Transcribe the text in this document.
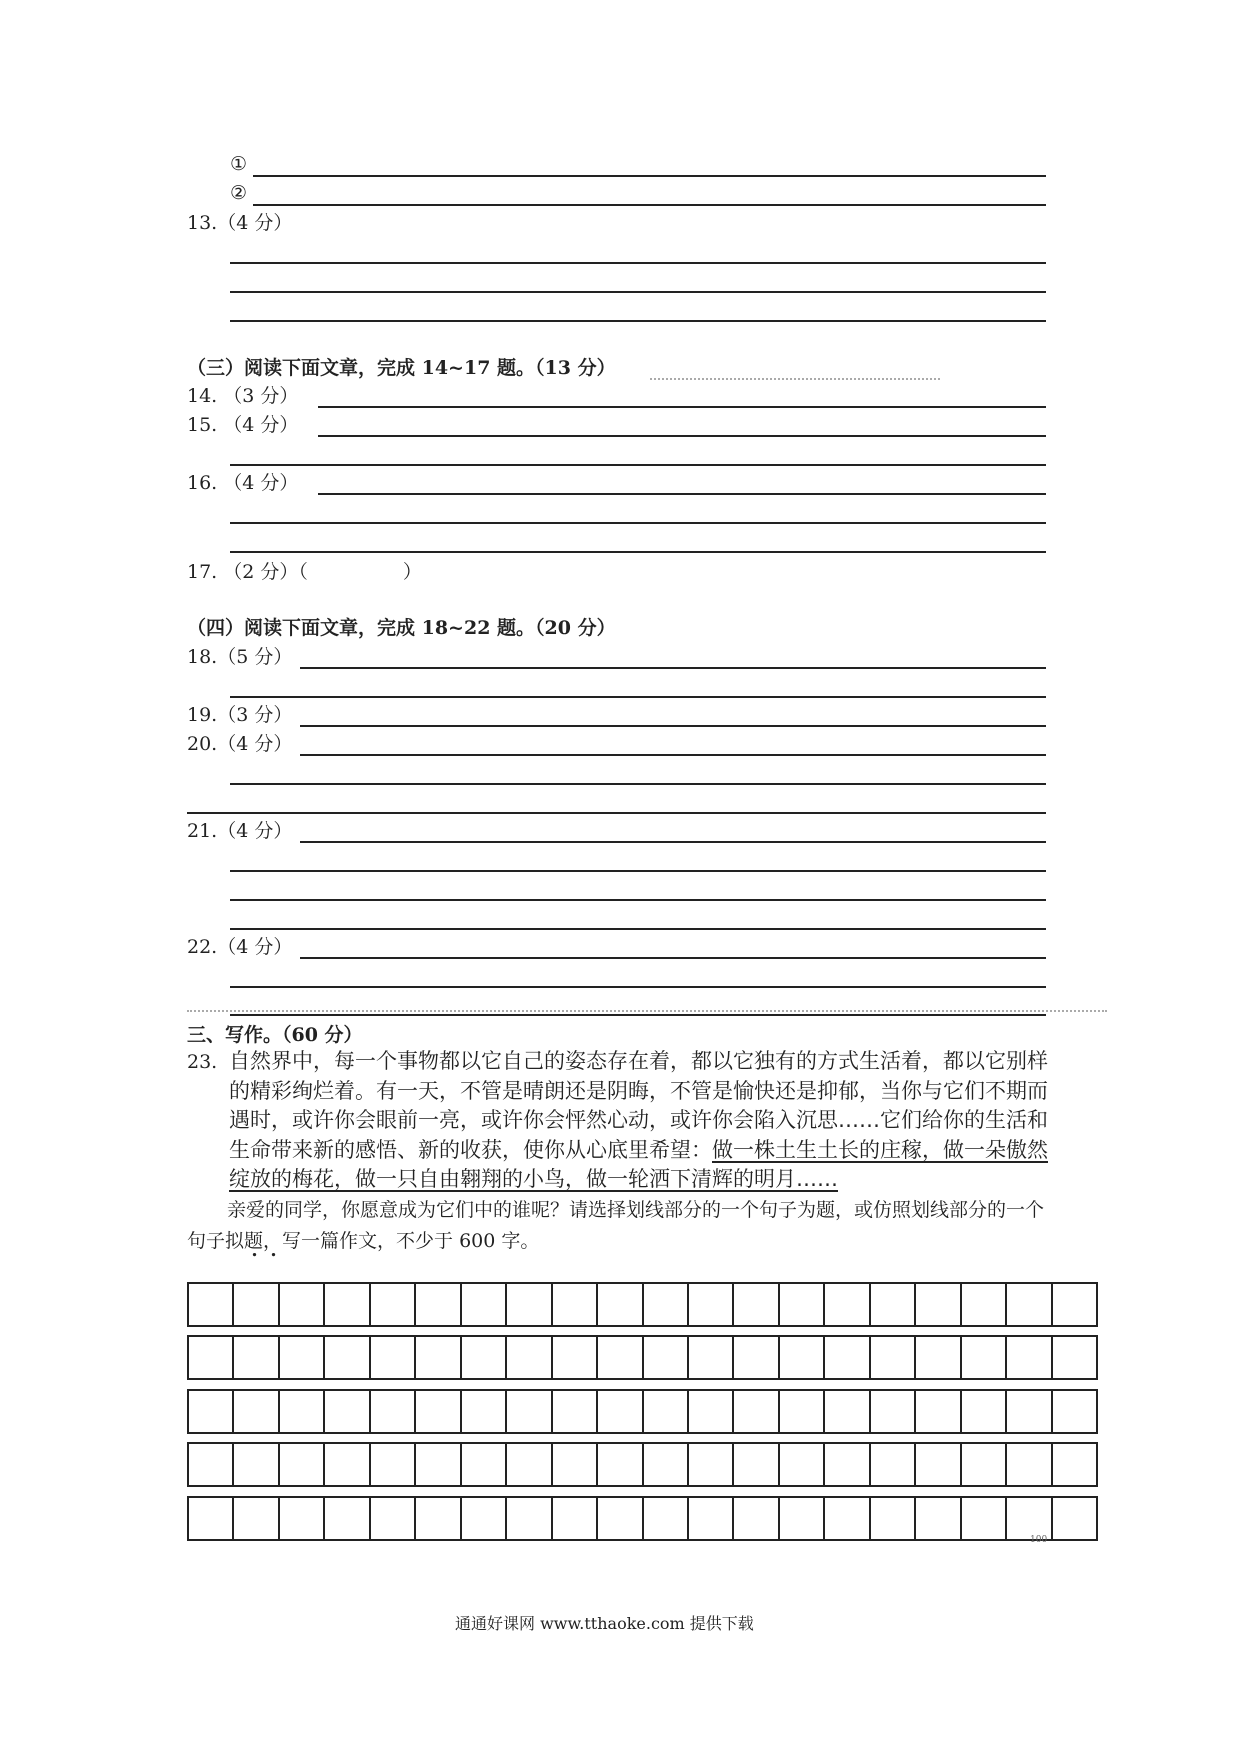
①
②
13.（4 分）
（三）阅读下面文章，完成 14~17 题。（13 分）
14. （3 分）
15. （4 分）
16. （4 分）
17. （2 分）（　　　　　）
（四）阅读下面文章，完成 18~22 题。（20 分）
18.（5 分）
19.（3 分）
20.（4 分）
21.（4 分）
22.（4 分）
三、写作。（60 分）
23. 自然界中，每一个事物都以它自己的姿态存在着，都以它独有的方式生活着，都以它别样的精彩绚烂着。有一天，不管是晴朗还是阴晦，不管是愉快还是抑郁，当你与它们不期而遇时，或许你会眼前一亮，或许你会怦然心动，或许你会陷入沉思……它们给你的生活和生命带来新的感悟、新的收获，使你从心底里希望：做一株土生土长的庄稼，做一朵傲然绽放的梅花，做一只自由翱翔的小鸟，做一轮洒下清辉的明月……
亲爱的同学，你愿意成为它们中的谁呢？请选择划线部分的一个句子为题，或仿照划线部分的一个句子拟题，写一篇作文，不少于 600 字。
100
通通好课网 www.tthaoke.com 提供下载
